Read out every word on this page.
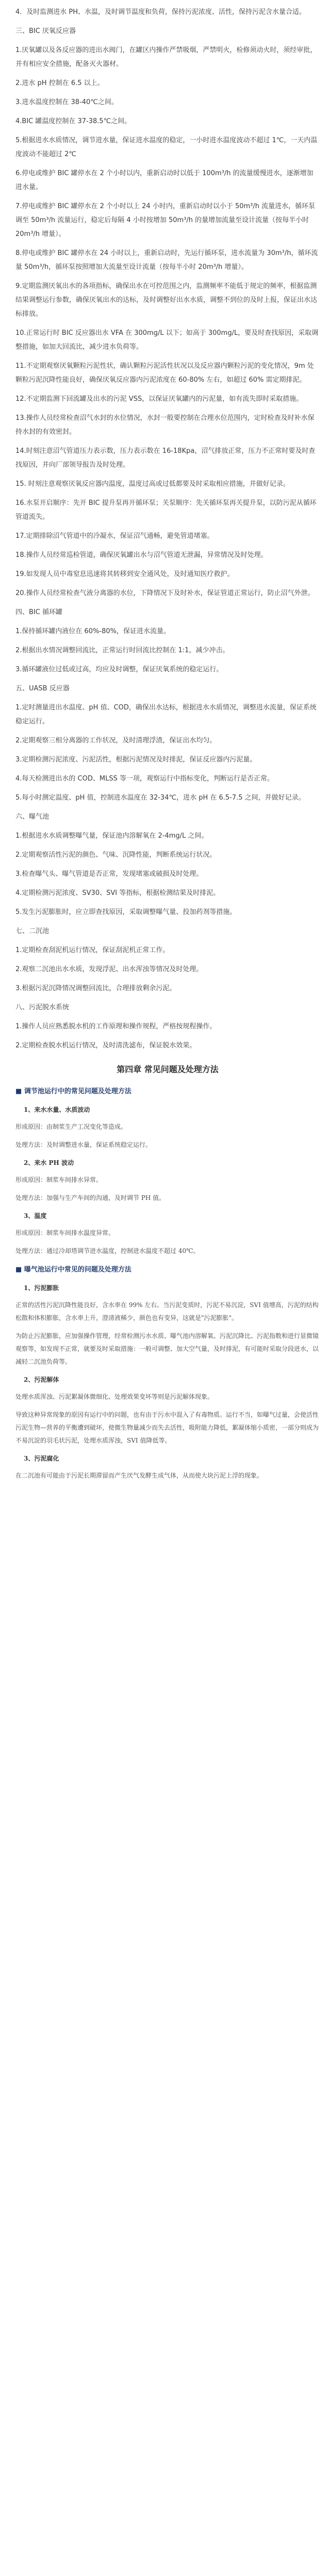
4．及时监测进水 PH、水温，及时调节温度和负荷，保持污泥浓度、活性，保持污泥含水量合适。
三、BIC 厌氧反应器
1.厌氧罐以及各反应器的进出水阀门，在罐区内操作严禁吸烟，严禁明火，检修须动火时，须经审批，并有相应安全措施，配备灭火器材。
2.进水 pH 控制在 6.5 以上。
3.进水温度控制在 38-40℃之间。
4.BIC 罐温度控制在 37-38.5℃之间。
5.根据进水水质情况，调节进水量，保证进水温度的稳定，一小时进水温度波动不超过 1℃，一天内温度波动不能超过 2℃
6.停电或维护 BIC 罐停水在 2 个小时以内，重新启动时以低于 100m³/h 的流量缓慢进水，逐渐增加进水量。
7.停电或维护 BIC 罐停水在 2 个小时以上 24 小时内，重新启动时以小于 50m³/h 流量进水，循环泵调至 50m³/h 流量运行，稳定后每隔 4 小时按增加 50m³/h 的量增加流量至设计流量（按每半小时 20m³/h 增量）。
8.停电或维护 BIC 罐停水在 24 小时以上，重新启动时，先运行循环泵，进水流量为 30m³/h，循环流量 50m³/h，循环泵按照增加大流量至设计流量（按每半小时 20m³/h 增量）。
9.定期监测厌氧出水的各项指标，确保出水在可控范围之内，监测频率不能低于规定的频率，根据监测结果调整运行参数，确保厌氧出水的达标，及时调整好出水水质，调整不到位的及时上报，保证出水达标排放。
10.正常运行时 BIC 反应器出水 VFA 在 300mg/L 以下；如高于 300mg/L，要及时查找原因，采取调整措施，如加大回流比，减少进水负荷等。
11.不定期观察厌氧颗粒污泥性状，确认颗粒污泥活性状况以及反应器内颗粒污泥的变化情况，9m 处颗粒污泥沉降性能良好，确保厌氧反应器内污泥浓度在 60-80% 左右，如超过 60% 需定期排泥。
12.不定期监测下回流罐及出水的污泥 VSS，以保证厌氧罐内的污泥量，如有流失即时采取措施。
13.操作人员经常检查沼气水封的水位情况，水封一般要控制在合理水位范围内，定时检查及时补水保持水封的有效密封。
14.时刻注意沼气管道压力表示数，压力表示数在 16-18Kpa，沼气排放正常，压力不正常时要及时查找原因，并向厂部领导报告及时处理。
15. 时刻注意观察厌氧反应器内温度，温度过高或过低都要及时采取相应措施，并做好记录。
16.水泵开启顺序：先开 BIC 提升泵再开循环泵；关泵顺序：先关循环泵再关提升泵，以防污泥从循环管道流失。
17.定期排除沼气管道中的冷凝水，保证沼气通畅，避免管道堵塞。
18.操作人员经常巡检管道，确保厌氧罐出水与沼气管道无泄漏，异常情况及时处理。
19.如发现人员中毒窒息迅速将其转移到安全通风处，及时通知医疗救护。
20.操作人员经常检查气液分离器的水位，下降情况下及时补水，保证管道正常运行，防止沼气外泄。
四、BIC 循环罐
1.保持循环罐内液位在 60%-80%，保证进水流量。
2.根据出水情况调整回流比，正常运行时回流比控制在 1:1，减少冲击。
3.循环罐液位过低或过高，均应及时调整，保证厌氧系统的稳定运行。
五、UASB 反应器
1.定时测量进出水温度、pH 值、COD，确保出水达标，根据进水水质情况，调整进水流量，保证系统稳定运行。
2.定期观察三相分离器的工作状况，及时清理浮渣，保证出水均匀。
3.定期检测污泥浓度、污泥活性，根据污泥情况及时排泥，保证反应器内污泥量。
4.每天检测进出水的 COD、MLSS 等一项，观察运行中指标变化，判断运行是否正常。
5.每小时测定温度、pH 值，控制进水温度在 32-34℃，进水 pH 在 6.5-7.5 之间，并做好记录。
六、曝气池
1.根据进水水质调整曝气量，保证池内溶解氧在 2-4mg/L 之间。
2.定期观察活性污泥的颜色、气味、沉降性能，判断系统运行状况。
3.检查曝气头、曝气管道是否正常，发现堵塞或破损及时处理。
4.定期检测污泥浓度、SV30、SVI 等指标，根据检测结果及时排泥。
5.发生污泥膨胀时，应立即查找原因，采取调整曝气量、投加药剂等措施。
七、二沉池
1.定期检查刮泥机运行情况，保证刮泥机正常工作。
2.观察二沉池出水水质，发现浮泥、出水浑浊等情况及时处理。
3.根据污泥沉降情况调整回流比，合理排放剩余污泥。
八、污泥脱水系统
1.操作人员应熟悉脱水机的工作原理和操作规程，严格按规程操作。
2.定期检查脱水机运行情况，及时清洗滤布，保证脱水效果。
第四章 常见问题及处理方法
■ 调节池运行中的常见问题及处理方法
1、来水水量、水质波动
形成原因：由制浆生产工况变化等造成。
处理方法：及时调整进水量，保证系统稳定运行。
2、来水 PH 波动
形成原因：制浆车间排水异常。
处理方法：加强与生产车间的沟通，及时调节 PH 值。
3、温度
形成原因：制浆车间排水温度异常。
处理方法：通过冷却塔调节进水温度，控制进水温度不超过 40℃。
■ 曝气池运行中常见的问题及处理方法
1、污泥膨胀
正常的活性污泥沉降性能良好，含水率在 99% 左右。当污泥变质时，污泥不易沉淀，SVI 值增高，污泥的结构松散和体积膨胀，含水率上升，澄清液稀少，颜色也有变异，这就是"污泥膨胀"。
为防止污泥膨胀，应加强操作管理，经常检测污水水质、曝气池内溶解氧、污泥沉降比、污泥指数和进行显微镜观察等，如发现不正常，就要及时采取措施：一般可调整、加大空气量，及时排泥，有可能时采取分段进水，以减轻二沉池负荷等。
2、污泥解体
处理水质浑浊、污泥絮凝体微细化、处理效果变坏等则是污泥解体现象。
导致这种异常现象的原因有运行中的问题，也有由于污水中混入了有毒物质。运行不当，如曝气过量，会使活性污泥生物—营养的平衡遭到破坏，使微生物量减少而失去活性，吸附能力降低，絮凝体缩小质密，一部分则成为不易沉淀的羽毛状污泥，处理水质浑浊，SVI 值降低等。
3、污泥腐化
在二沉池有可能由于污泥长期滞留而产生厌气发酵生成气体，从而使大块污泥上浮的现象。
